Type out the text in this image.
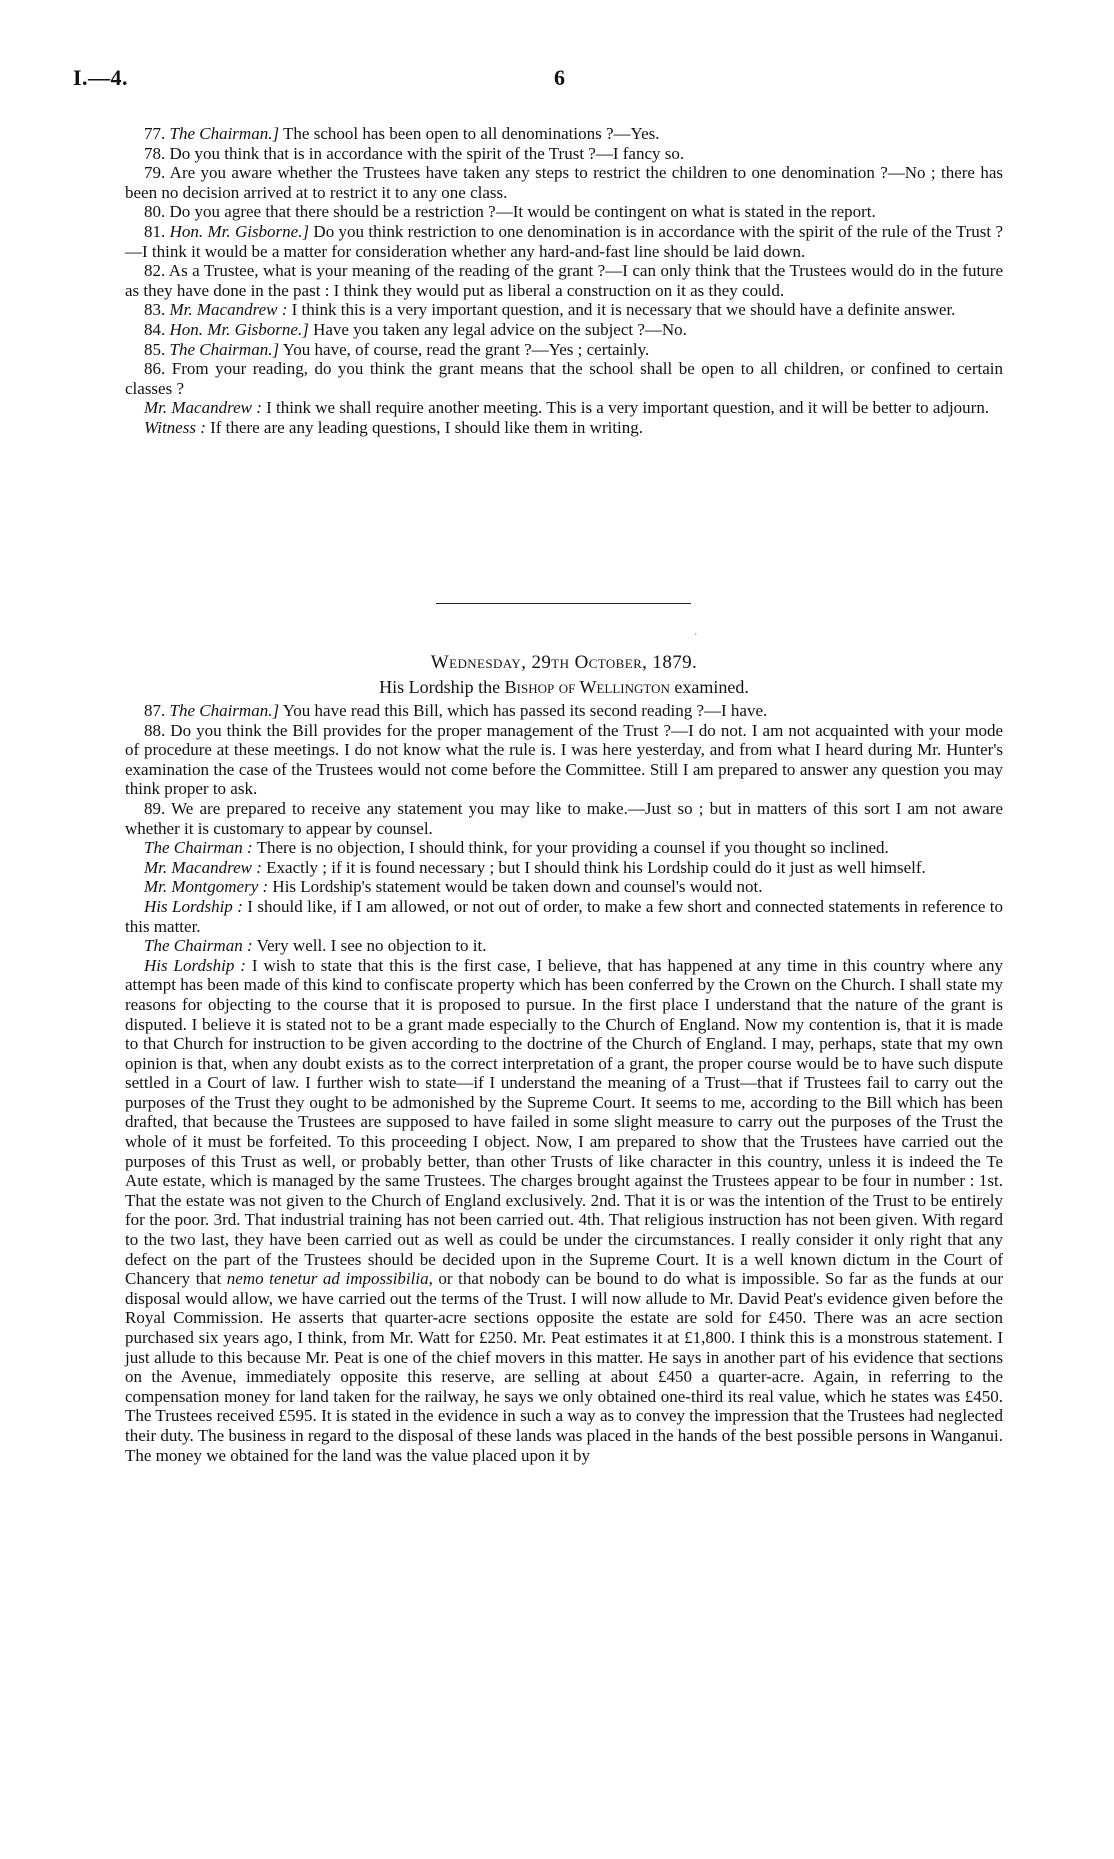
I.—4.	6

77. The Chairman.] The school has been open to all denominations ?—Yes.

78. Do you think that is in accordance with the spirit of the Trust ?—I fancy so.

79. Are you aware whether the Trustees have taken any steps to restrict the children to one denomination ?—No ; there has been no decision arrived at to restrict it to any one class.

80. Do you agree that there should be a restriction ?—It would be contingent on what is stated in the report.

81. Hon. Mr. Gisborne.] Do you think restriction to one denomination is in accordance with the spirit of the rule of the Trust ?—I think it would be a matter for consideration whether any hard-and-fast line should be laid down.

82. As a Trustee, what is your meaning of the reading of the grant ?—I can only think that the Trustees would do in the future as they have done in the past : I think they would put as liberal a construction on it as they could.

83. Mr. Macandrew : I think this is a very important question, and it is necessary that we should have a definite answer.

84. Hon. Mr. Gisborne.] Have you taken any legal advice on the subject ?—No.

85. The Chairman.] You have, of course, read the grant ?—Yes ; certainly.

86. From your reading, do you think the grant means that the school shall be open to all children, or confined to certain classes ?

Mr. Macandrew : I think we shall require another meeting. This is a very important question, and it will be better to adjourn.

Witness : If there are any leading questions, I should like them in writing.

`
Wednesday, 29th October, 1879.
His Lordship the Bishop of Wellington examined.

87. The Chairman.] You have read this Bill, which has passed its second reading ?—I have.

88. Do you think the Bill provides for the proper management of the Trust ?—I do not. I am not acquainted with your mode of procedure at these meetings. I do not know what the rule is. I was here yesterday, and from what I heard during Mr. Hunter's examination the case of the Trustees would not come before the Committee. Still I am prepared to answer any question you may think proper to ask.

89. We are prepared to receive any statement you may like to make.—Just so ; but in matters of this sort I am not aware whether it is customary to appear by counsel.

The Chairman : There is no objection, I should think, for your providing a counsel if you thought so inclined.

Mr. Macandrew : Exactly ; if it is found necessary ; but I should think his Lordship could do it just as well himself.

Mr. Montgomery : His Lordship's statement would be taken down and counsel's would not.

His Lordship : I should like, if I am allowed, or not out of order, to make a few short and connected statements in reference to this matter.

The Chairman : Very well. I see no objection to it.

His Lordship : I wish to state that this is the first case, I believe, that has happened at any time in this country where any attempt has been made of this kind to confiscate property which has been conferred by the Crown on the Church. I shall state my reasons for objecting to the course that it is proposed to pursue. In the first place I understand that the nature of the grant is disputed. I believe it is stated not to be a grant made especially to the Church of England. Now my contention is, that it is made to that Church for instruction to be given according to the doctrine of the Church of England. I may, perhaps, state that my own opinion is that, when any doubt exists as to the correct interpretation of a grant, the proper course would be to have such dispute settled in a Court of law. I further wish to state—if I understand the meaning of a Trust—that if Trustees fail to carry out the purposes of the Trust they ought to be admonished by the Supreme Court. It seems to me, according to the Bill which has been drafted, that because the Trustees are supposed to have failed in some slight measure to carry out the purposes of the Trust the whole of it must be forfeited. To this proceeding I object. Now, I am prepared to show that the Trustees have carried out the purposes of this Trust as well, or probably better, than other Trusts of like character in this country, unless it is indeed the Te Aute estate, which is managed by the same Trustees. The charges brought against the Trustees appear to be four in number : 1st. That the estate was not given to the Church of England exclusively. 2nd. That it is or was the intention of the Trust to be entirely for the poor. 3rd. That industrial training has not been carried out. 4th. That religious instruction has not been given. With regard to the two last, they have been carried out as well as could be under the circumstances. I really consider it only right that any defect on the part of the Trustees should be decided upon in the Supreme Court. It is a well known dictum in the Court of Chancery that nemo tenetur ad impossibilia, or that nobody can be bound to do what is impossible. So far as the funds at our disposal would allow, we have carried out the terms of the Trust. I will now allude to Mr. David Peat's evidence given before the Royal Commission. He asserts that quarter-acre sections opposite the estate are sold for £450. There was an acre section purchased six years ago, I think, from Mr. Watt for £250. Mr. Peat estimates it at £1,800. I think this is a monstrous statement. I just allude to this because Mr. Peat is one of the chief movers in this matter. He says in another part of his evidence that sections on the Avenue, immediately opposite this reserve, are selling at about £450 a quarter-acre. Again, in referring to the compensation money for land taken for the railway, he says we only obtained one-third its real value, which he states was £450. The Trustees received £595. It is stated in the evidence in such a way as to convey the impression that the Trustees had neglected their duty. The business in regard to the disposal of these lands was placed in the hands of the best possible persons in Wanganui. The money we obtained for the land was the value placed upon it by
